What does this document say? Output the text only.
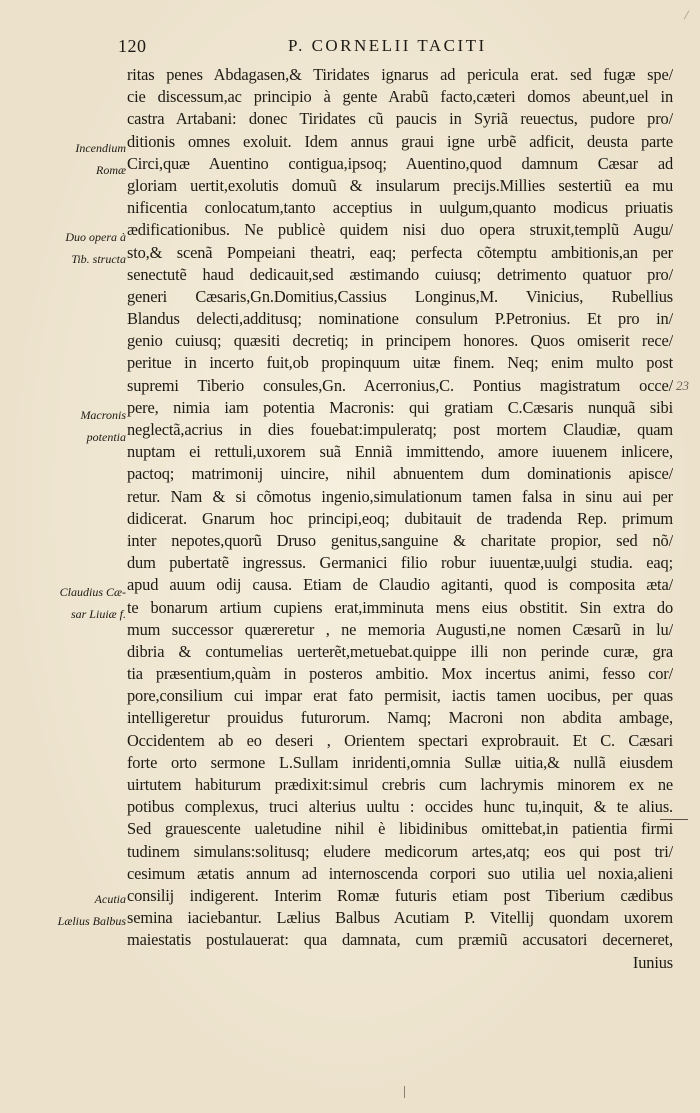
120	P. CORNELII TACITI
Incendium
Romæ
Duo opera à
Tib. structa
Macronis
potentia
Claudius Cæ-
sar Liuiæ f.
Acutia
Lælius Balbus
23
ritas penes Abdagasen,& Tiridates ignarus ad pericula erat. sed fugæ spe/
cie discessum,ac principio à gente Arabũ facto,cæteri domos abeunt,uel in
castra Artabani: donec Tiridates cũ paucis in Syriã reuectus, pudore pro/
ditionis omnes exoluit. Idem annus graui igne urbẽ adficit, deusta parte
Circi,quæ Auentino contigua,ipsoq; Auentino,quod damnum Cæsar ad
gloriam uertit,exolutis domuũ & insularum precijs.Millies sestertiũ ea mu
nificentia conlocatum,tanto acceptius in uulgum,quanto modicus priuatis
ædificationibus. Ne publicè quidem nisi duo opera struxit,templũ Augu/
sto,& scenã Pompeiani theatri, eaq; perfecta cõtemptu ambitionis,an per
senectutẽ haud dedicauit,sed æstimando cuiusq; detrimento quatuor pro/
generi Cæsaris,Gn.Domitius,Cassius Longinus,M. Vinicius, Rubellius
Blandus delecti,additusq; nominatione consulum P.Petronius. Et pro in/
genio cuiusq; quæsiti decretiq; in principem honores. Quos omiserit rece/
peritue in incerto fuit,ob propinquum uitæ finem. Neq; enim multo post
supremi Tiberio consules,Gn. Acerronius,C. Pontius magistratum occe/
pere, nimia iam potentia Macronis: qui gratiam C.Cæsaris nunquã sibi
neglectã,acrius in dies fouebat:impuleratq; post mortem Claudiæ, quam
nuptam ei rettuli,uxorem suã Enniã immittendo, amore iuuenem inlicere,
pactoq; matrimonij uincire, nihil abnuentem dum dominationis apisce/
retur. Nam & si cõmotus ingenio,simulationum tamen falsa in sinu aui per
didicerat. Gnarum hoc principi,eoq; dubitauit de tradenda Rep. primum
inter nepotes,quorũ Druso genitus,sanguine & charitate propior, sed nõ/
dum pubertatẽ ingressus. Germanici filio robur iuuentæ,uulgi studia. eaq;
apud auum odij causa. Etiam de Claudio agitanti, quod is composita æta/
te bonarum artium cupiens erat,imminuta mens eius obstitit. Sin extra do
mum successor quæreretur , ne memoria Augusti,ne nomen Cæsarũ in lu/
dibria & contumelias uerterẽt,metuebat.quippe illi non perinde curæ, gra
tia præsentium,quàm in posteros ambitio. Mox incertus animi, fesso cor/
pore,consilium cui impar erat fato permisit, iactis tamen uocibus, per quas
intelligeretur prouidus futurorum. Namq; Macroni non abdita ambage,
Occidentem ab eo deseri , Orientem spectari exprobrauit. Et C. Cæsari
forte orto sermone L.Sullam inridenti,omnia Sullæ uitia,& nullã eiusdem
uirtutem habiturum prædixit:simul crebris cum lachrymis minorem ex ne
potibus complexus, truci alterius uultu : occides hunc tu,inquit, & te alius.
Sed grauescente ualetudine nihil è libidinibus omittebat,in patientia firmi
tudinem simulans:solitusq; eludere medicorum artes,atq; eos qui post tri/
cesimum ætatis annum ad internoscenda corpori suo utilia uel noxia,alieni
consilij indigerent. Interim Romæ futuris etiam post Tiberium cædibus
semina iaciebantur. Lælius Balbus Acutiam P. Vitellij quondam uxorem
maiestatis postulauerat: qua damnata, cum præmiũ accusatori decerneret,
Iunius
